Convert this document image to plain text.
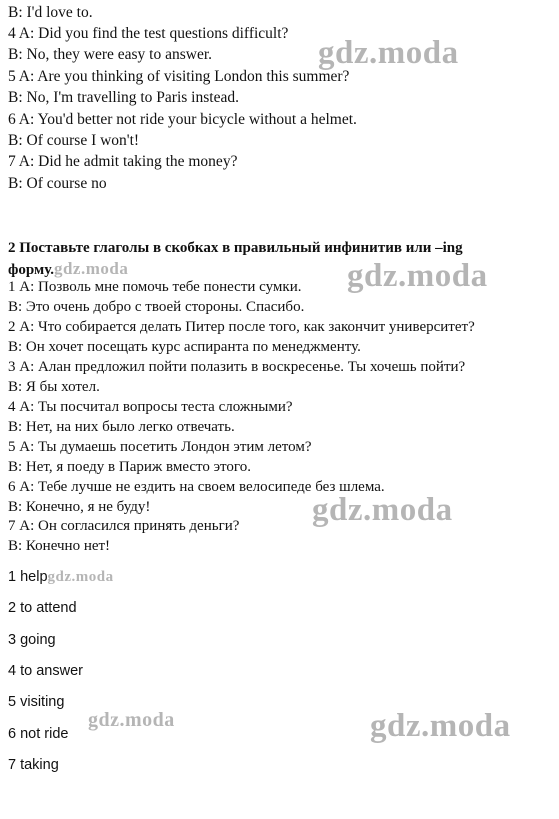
B: I'd love to.
4 A: Did you find the test questions difficult?
B: No, they were easy to answer.
5 A: Are you thinking of visiting London this summer?
B: No, I'm travelling to Paris instead.
6 A: You'd better not ride your bicycle without a helmet.
B: Of course I won't!
7 A: Did he admit taking the money?
B: Of course no
2 Поставьте глаголы в скобках в правильный инфинитив или –ing
форму.gdz.moda
1 А: Позволь мне помочь тебе понести сумки.
В: Это очень добро с твоей стороны. Спасибо.
2 А: Что собирается делать Питер после того, как закончит университет?
В: Он хочет посещать курс аспиранта по менеджменту.
3 А: Алан предложил пойти полазить в воскресенье. Ты хочешь пойти?
В: Я бы хотел.
4 А: Ты посчитал вопросы теста сложными?
В: Нет, на них было легко отвечать.
5 А: Ты думаешь посетить Лондон этим летом?
В: Нет, я поеду в Париж вместо этого.
6 А: Тебе лучше не ездить на своем велосипеде без шлема.
В: Конечно, я не буду!
7 А: Он согласился принять деньги?
В: Конечно нет!
1 helpgdz.moda
2 to attend
3 going
4 to answer
5 visiting
6 not ride
7 taking
gdz.moda
gdz.moda
gdz.moda
gdz.moda	gdz.moda
